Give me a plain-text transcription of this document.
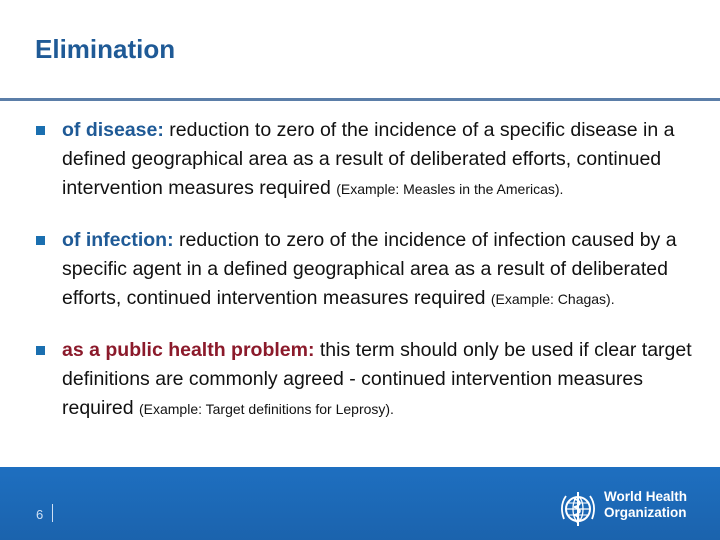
Elimination
of disease: reduction to zero of the incidence of a specific disease in a defined geographical area as a result of deliberated efforts, continued intervention measures required (Example: Measles in the Americas).
of infection: reduction to zero of the incidence of infection caused by a specific agent in a defined geographical area as a result of deliberated efforts, continued intervention measures required (Example: Chagas).
as a public health problem: this term should only be used if clear target definitions are commonly agreed - continued intervention measures required (Example: Target definitions for Leprosy).
6
World Health
Organization
